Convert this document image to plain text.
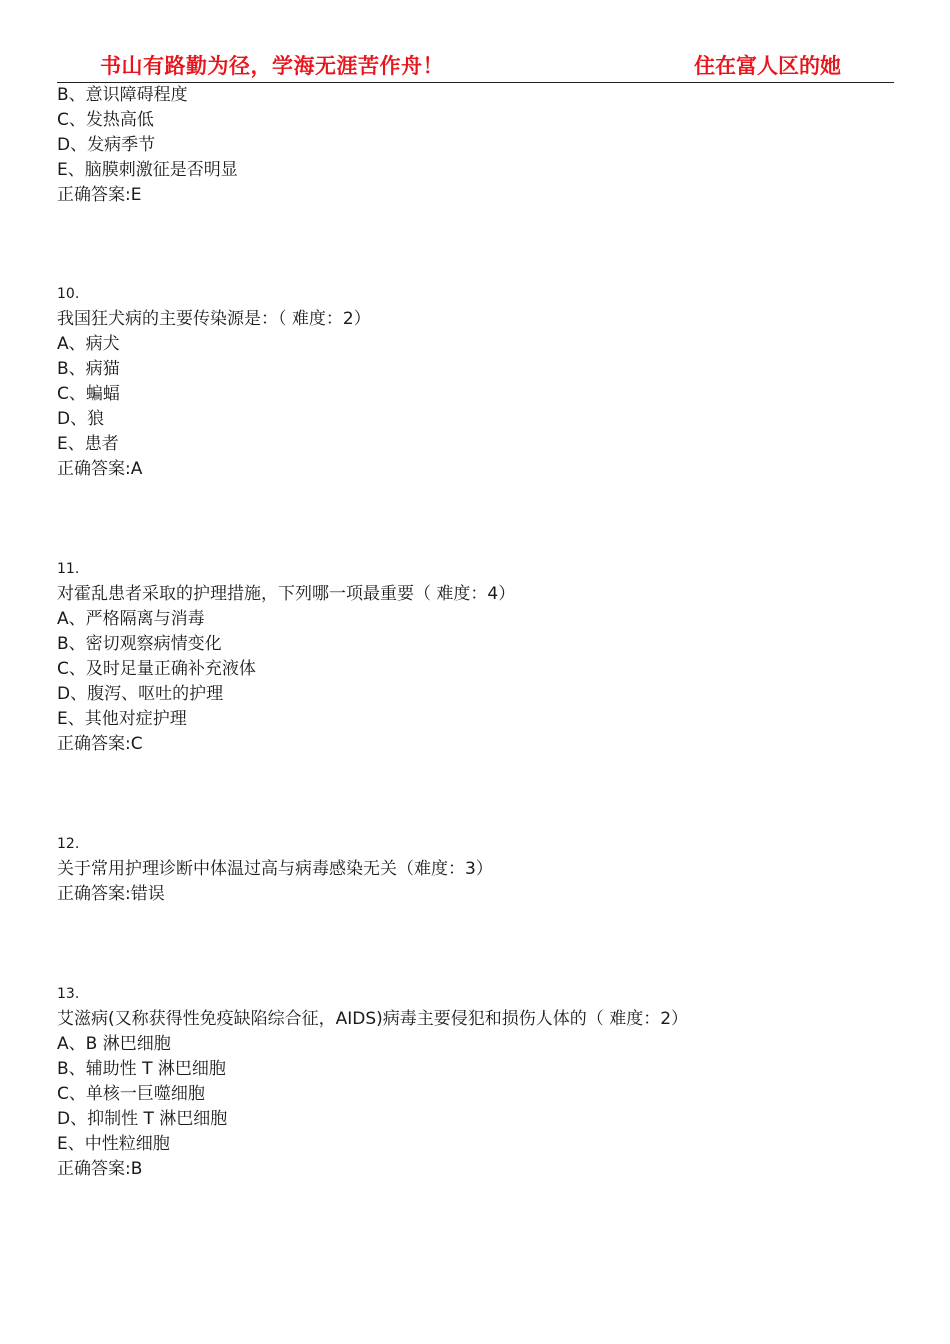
书山有路勤为径，学海无涯苦作舟！	住在富人区的她
B、意识障碍程度
C、发热高低
D、发病季节
E、脑膜刺激征是否明显
正确答案:E
10.
我国狂犬病的主要传染源是：（ 难度：2）
A、病犬
B、病猫
C、蝙蝠
D、狼
E、患者
正确答案:A
11.
对霍乱患者采取的护理措施，下列哪一项最重要（ 难度：4）
A、严格隔离与消毒
B、密切观察病情变化
C、及时足量正确补充液体
D、腹泻、呕吐的护理
E、其他对症护理
正确答案:C
12.
关于常用护理诊断中体温过高与病毒感染无关（难度：3）
正确答案:错误
13.
艾滋病(又称获得性免疫缺陷综合征，AIDS)病毒主要侵犯和损伤人体的（ 难度：2）
A、B 淋巴细胞
B、辅助性 T 淋巴细胞
C、单核一巨噬细胞
D、抑制性 T 淋巴细胞
E、中性粒细胞
正确答案:B
